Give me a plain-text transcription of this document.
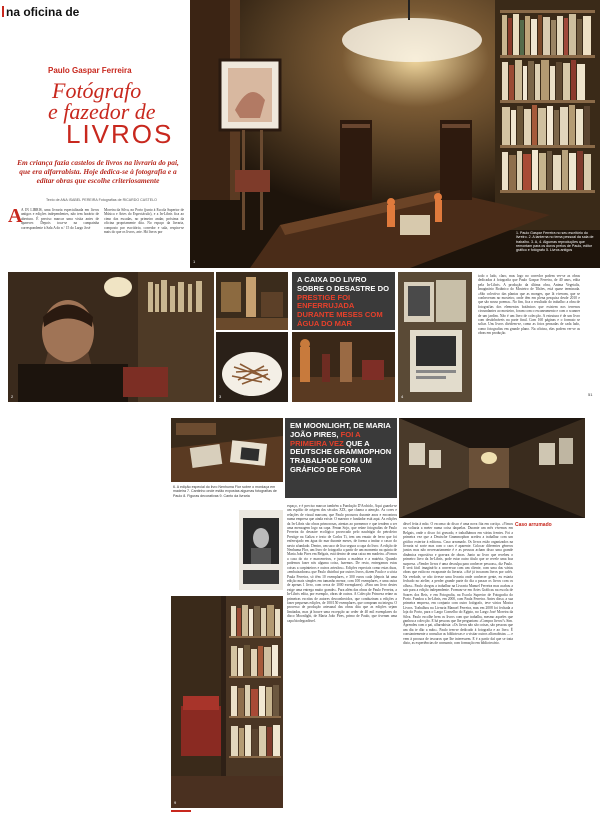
na oficina de
Paulo Gaspar Ferreira
Fotógrafo
e fazedor de
LIVROS
Em criança fazia castelos de livros na livraria do pai, que era alfarrabista. Hoje dedica-se à fotografia e a editar obras que escolhe criteriosamente
Texto de ANA ISABEL PEREIRA Fotografias de RICARDO CASTELO
A
A IN LIBRIS, uma livraria especializada em livros antigos e edições independentes, não tem horário de abertura. É preciso marcar uma visita antes de aparecer. Depois toca-se na campainha correspondente à Sala A do n.º 15 do Largo José
Moreira da Silva, no Porto (junto à Escola Superior de Música e Artes do Espectáculo), e a In-Libris fica ao cimo das escadas, no primeiro andar, próxima da oficina propriamente dita. No espaço da livraria, composto por escritório, corredor e sala, respira-se mais do que os livros, arte. Há livros por	1. Paulo Gaspar Ferreira no seu escritório do livreiro. 2. A lanterna no tema pessoal da sala de trabalho. 3. A, 4. Algumas reproduções que remontam para os duros prelos de Paulo, editor gráfico e fotógrafo 5. Livros antigos
1
2	3
A CAIXA DO LIVRO SOBRE O DESASTRE DO PRESTIGE FOI ENFERRUJADA DURANTE MESES COM ÁGUA DO MAR
4
todo o lado, claro, mas logo no corredor podem ver-se as obras dedicadas à fotografia que Paulo Gaspar Ferreira, de 40 anos, edita pela In-Libris. A produção da última obra, Anima Vegetalis, Imaginário Botânico do Mosteiro de Tibães, está quase terminada. «São colectivo das plantas que as monges, que lá viveram, que se conheceram no mosteiro, onde têm em plena pesquisa desde 2010 e que são nosso poema». No fim, fica o resultado do trabalho: a obra de fotografias dos elementos botânicos que existem nos terrenos circundantes ao mosteiro, foram com o escaneamento e com o scanner de um jardim. Não é um livro de colecção. A estrutura é de um livro com desdobráveis na parte final. Com 160 páginas e o formato se soltar. Uns livros dividem-se, como as fotos pensadas de cada lado, como fotografias em grande plano. Na oficina, elas podem ver-se as obras em produção.
51
6. A edição especial do livro Nenhuma Flor sobre o mordaça em madeira 7. Cantinho onde estão expostas algumas fotografias de Paulo 8. Figuras decorativas 9. Canto da livraria
EM MOONLIGHT, DE MARIA JOÃO PIRES, FOI A PRIMEIRA VEZ QUE A DEUTSCHE GRAMMOPHON TRABALHOU COM UM GRÁFICO DE FORA
espaço, e é preciso marcar também a Fundação D'Archido, Aqui guarda-se um espólio de origem dos séculos XIX, que chama a atenção. As cores e relações de visual marcam, que Paulo procurou durante anos e encontrou numa empresa que ainda existe. O maestro e fundador está aqui. As edições da In-Libris são obras primorosas, atentas ao pormenor e que tendem a ser uma mensagem logo na capa. Fenan Sojo, que reúne fotografias de Paulo Ferreira do desastre ecológico provocado pelo naufrágio do petroleiro Prestige na Galiza e texto de Carlos Ti, tem um ensaio de ferro que foi enferrujado em água do mar durante meses, de forma a imitar o casco do navio afundado. Dentro, um saco de lixo segura a capa do livro. A edição de Nenhuma Flor, um livro de fotografia a partir de um momento na quinta de Maria João Pires em Belgais, está dentro de uma caixa em madeira. «Fomos a casa do rio e marceneiros, e juntos a madeira e a matéria. Quando podemos fazer nós alguma coisa, fazemos. De resto, entregamos estas coisas a carpinteiros e outros artesãos». Edições especiais como estas duas, «embaixadoras» que Paulo distribui por outros livros, dizem Paulo e a sócia Paula Ferreira, só têm 10 exemplares, e 300 euros cada (depois há uma edição mais simples em tamanho menor, com 100 exemplares, e uma outra de apenas 1 livro, com cerca de 1000 exemplares). «Para um livro destes exige uma entrega muito grande». Para além das obras de Paulo Ferreira, a In-Libris edita, por exemplo, obras de outros. A Colecção Princesa reúne as primeiras escritas de autores desconhecidos, que conduziram a edições a fazer pequenas edições, de 100/150 exemplares, que compram na integra. O processo de produção artesanal das obras dita que as edições sejam limitadas, mas já houve uma excepção ao ceder de 40 mil exemplares do disco Moonlight, de Maria João Pires, primo de Paulo, que tiveram uma capa biodegradável.
dável feita à mão. O esconso do disco é uma nova fita em cortiça. «Vimos ou voltaria a meter numa coisa daquelas. Durante um mês vivemos em Belgais, onde o disco foi gravado, e trabalhámos em várias frentes. Foi a primeira vez que a Deutsche Grammophon acedeu a trabalhar com um gráfico exterior à editora». Caso arrumado. Os livros estão organizados na livraria só sorte mas com o caos é aparente. Colocar diferentes géneros juntos mas não necessariamente é e as pessoas acham disso uma grande dinâmica expositiva e gravura de obras. Junto ao livro que recebeu o primeiro livro da In-Libris, pode estar outro título que se revele uma boa surpresa. «Vender livros é uma desculpa para conhecer pessoas», diz Paulo. E será fácil imaginá-lo a conversar com um cliente, com uma das várias obras que estão no escaparate da livraria. «Até já trocaram livros por cafés. Na verdade, se não tivesse uma livraria onde conhecer gente, eu estaria fechado no atelier, a perder grande parte do dia a passar os livros com os olhos». Paulo chegou a trabalhar na Livraria Manuel Ferreira mas acabou a sair para a edição independente. Formou-se em Artes Gráficas na escola de Soares dos Reis, e em Fotografia, na Escola Superior de Fotografia do Porto. Fundou a In-Libris, em 2000, com Paula Ferreira. Antes disso, a sua primeira empresa, em conjunto com outro fotógrafo, teve vários Mostra Livros. Trabalhou na Livraria Manuel Ferreira, mas em 2008 foi fechada a loja do Porto, para o Largo Conselho do Egipto, no Largo José Moreira da Silva. Paulo escolhe bem os livros com que trabalha, mesmo aqueles que ganhou a colecção. E há pessoas que lhe perguntam: «Compra livros?» Sim. Aprendeu com o pai, alfarrabista: «Os livros não são coisas, são pessoas que um dia te dão a mão». Paulo tem-se dedicado à fotografia e ao livro. É constantemente a consultar as bibliotecas e a visitar outros alfarrabistas — e vem à procura de tesouros que lhe interessem. E é a partir daí que se trata disto, as experiências de consumir, com formação em bibliotecário.
Caso arrumado
9
